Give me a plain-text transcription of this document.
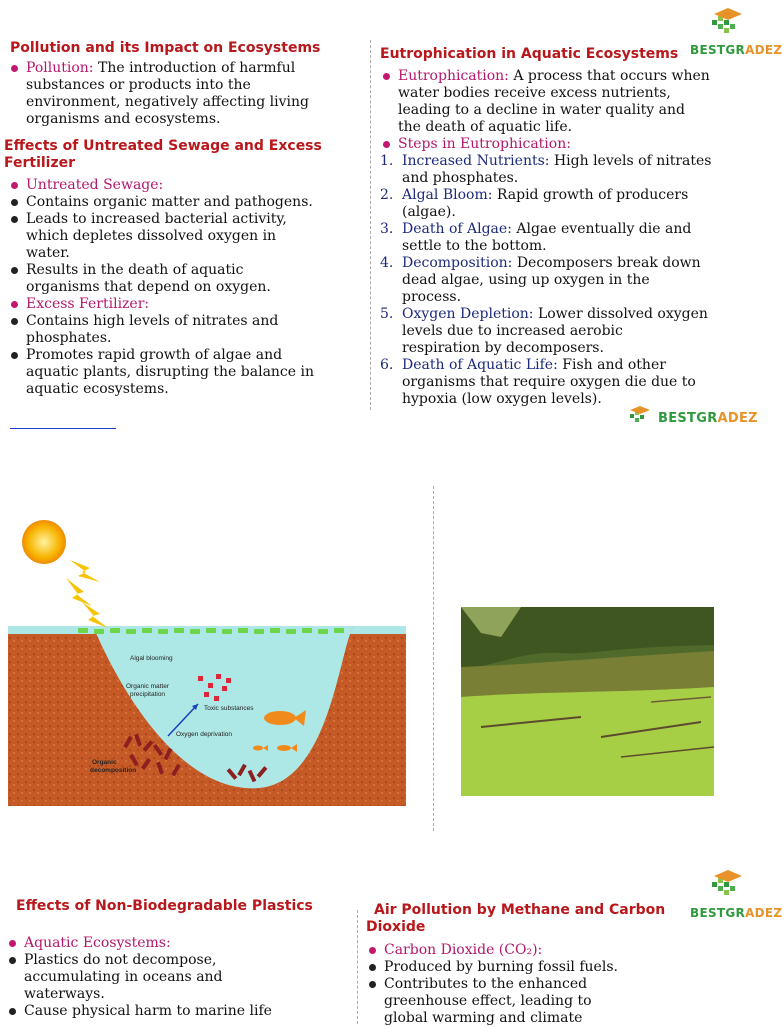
BESTGRADEZ

Pollution and its Impact on Ecosystems

Pollution: The introduction of harmful
substances or products into the
environment, negatively affecting living
organisms and ecosystems.

Effects of Untreated Sewage and Excess
Fertilizer

Untreated Sewage:
Contains organic matter and pathogens.
Leads to increased bacterial activity,
which depletes dissolved oxygen in
water.
Results in the death of aquatic
organisms that depend on oxygen.
Excess Fertilizer:
Contains high levels of nitrates and
phosphates.
Promotes rapid growth of algae and
aquatic plants, disrupting the balance in
aquatic ecosystems.

Eutrophication in Aquatic Ecosystems

Eutrophication: A process that occurs when
water bodies receive excess nutrients,
leading to a decline in water quality and
the death of aquatic life.
Steps in Eutrophication:
1. Increased Nutrients: High levels of nitrates
and phosphates.
2. Algal Bloom: Rapid growth of producers
(algae).
3. Death of Algae: Algae eventually die and
settle to the bottom.
4. Decomposition: Decomposers break down
dead algae, using up oxygen in the
process.
5. Oxygen Depletion: Lower dissolved oxygen
levels due to increased aerobic
respiration by decomposers.
6. Death of Aquatic Life: Fish and other
organisms that require oxygen die due to
hypoxia (low oxygen levels).
BESTGRADEZ
Algal blooming
Organic matter
precipitation
Toxic substances
Oxygen deprivation
Organic
decomposition
BESTGRADEZ

Effects of Non-Biodegradable Plastics

Aquatic Ecosystems:
Plastics do not decompose,
accumulating in oceans and
waterways.
Cause physical harm to marine life

Air Pollution by Methane and Carbon
Dioxide

Carbon Dioxide (CO₂):
Produced by burning fossil fuels.
Contributes to the enhanced
greenhouse effect, leading to
global warming and climate
